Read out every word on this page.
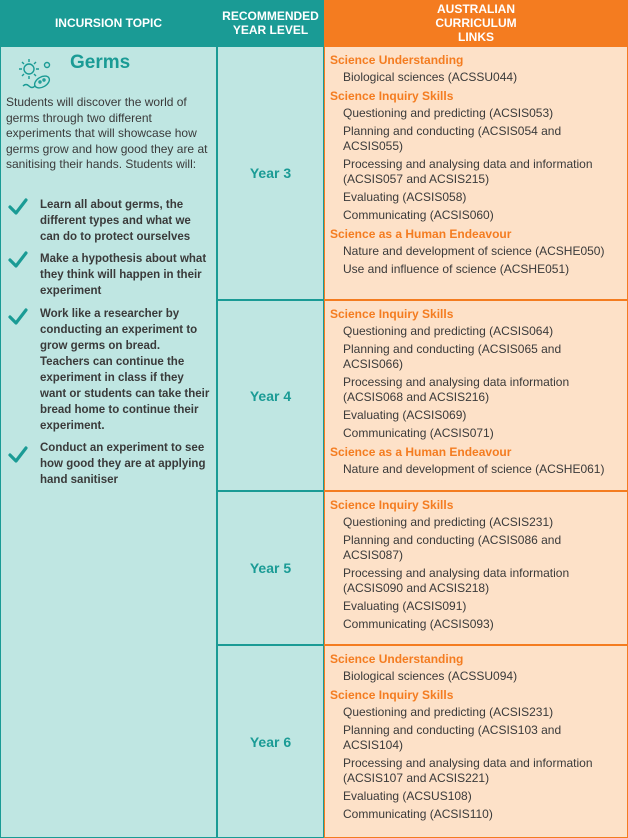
INCURSION TOPIC	RECOMMENDED YEAR LEVEL
AUSTRALIAN CURRICULUM LINKS
Germs
Students will discover the world of germs through two different experiments that will showcase how germs grow and how good they are at sanitising their hands. Students will:
Learn all about germs, the different types and what we can do to protect ourselves
Make a hypothesis about what they think will happen in their experiment
Work like a researcher by conducting an experiment to grow germs on bread. Teachers can continue the experiment in class if they want or students can take their bread home to continue their experiment.
Conduct an experiment to see how good they are at applying hand sanitiser
Year 3
Science Understanding
Biological sciences (ACSSU044)
Science Inquiry Skills
Questioning and predicting (ACSIS053)
Planning and conducting (ACSIS054 and ACSIS055)
Processing and analysing data and information (ACSIS057 and ACSIS215)
Evaluating (ACSIS058)
Communicating (ACSIS060)
Science as a Human Endeavour
Nature and development of science (ACSHE050)
Use and influence of science (ACSHE051)
Year 4
Science Inquiry Skills
Questioning and predicting (ACSIS064)
Planning and conducting (ACSIS065 and ACSIS066)
Processing and analysing data information (ACSIS068 and ACSIS216)
Evaluating (ACSIS069)
Communicating (ACSIS071)
Science as a Human Endeavour
Nature and development of science (ACSHE061)
Year 5
Science Inquiry Skills
Questioning and predicting (ACSIS231)
Planning and conducting (ACSIS086 and ACSIS087)
Processing and analysing data information (ACSIS090 and ACSIS218)
Evaluating (ACSIS091)
Communicating (ACSIS093)
Year 6
Science Understanding
Biological sciences (ACSSU094)
Science Inquiry Skills
Questioning and predicting (ACSIS231)
Planning and conducting (ACSIS103 and ACSIS104)
Processing and analysing data and information (ACSIS107 and ACSIS221)
Evaluating (ACSUS108)
Communicating (ACSIS110)
